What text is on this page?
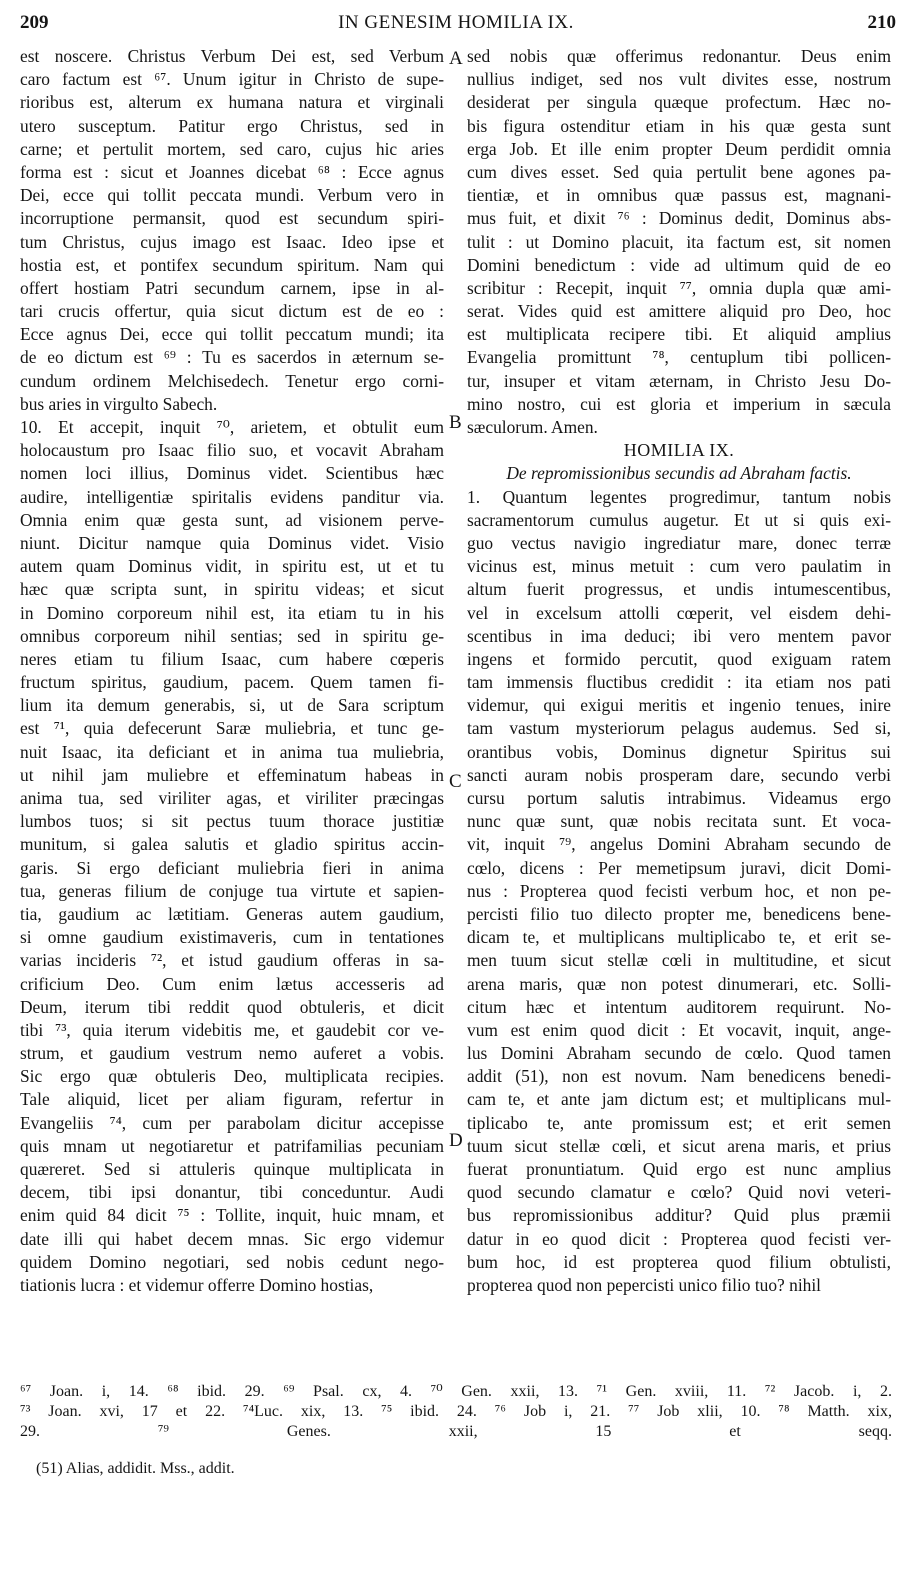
209	IN GENESIM HOMILIA IX.	210
A
B
C
D
est noscere. Christus Verbum Dei est, sed Verbum
caro factum est ⁶⁷. Unum igitur in Christo de supe-
rioribus est, alterum ex humana natura et virginali
utero susceptum. Patitur ergo Christus, sed in
carne; et pertulit mortem, sed caro, cujus hic aries
forma est : sicut et Joannes dicebat ⁶⁸ : Ecce agnus
Dei, ecce qui tollit peccata mundi. Verbum vero in
incorruptione permansit, quod est secundum spiri-
tum Christus, cujus imago est Isaac. Ideo ipse et
hostia est, et pontifex secundum spiritum. Nam qui
offert hostiam Patri secundum carnem, ipse in al-
tari crucis offertur, quia sicut dictum est de eo :
Ecce agnus Dei, ecce qui tollit peccatum mundi; ita
de eo dictum est ⁶⁹ : Tu es sacerdos in æternum se-
cundum ordinem Melchisedech. Tenetur ergo corni-
bus aries in virgulto Sabech.
10. Et accepit, inquit ⁷⁰, arietem, et obtulit eum
holocaustum pro Isaac filio suo, et vocavit Abraham
nomen loci illius, Dominus videt. Scientibus hæc
audire, intelligentiæ spiritalis evidens panditur via.
Omnia enim quæ gesta sunt, ad visionem perve-
niunt. Dicitur namque quia Dominus videt. Visio
autem quam Dominus vidit, in spiritu est, ut et tu
hæc quæ scripta sunt, in spiritu videas; et sicut
in Domino corporeum nihil est, ita etiam tu in his
omnibus corporeum nihil sentias; sed in spiritu ge-
neres etiam tu filium Isaac, cum habere cœperis
fructum spiritus, gaudium, pacem. Quem tamen fi-
lium ita demum generabis, si, ut de Sara scriptum
est ⁷¹, quia defecerunt Saræ muliebria, et tunc ge-
nuit Isaac, ita deficiant et in anima tua muliebria,
ut nihil jam muliebre et effeminatum habeas in
anima tua, sed viriliter agas, et viriliter præcingas
lumbos tuos; si sit pectus tuum thorace justitiæ
munitum, si galea salutis et gladio spiritus accin-
garis. Si ergo deficiant muliebria fieri in anima
tua, generas filium de conjuge tua virtute et sapien-
tia, gaudium ac lætitiam. Generas autem gaudium,
si omne gaudium existimaveris, cum in tentationes
varias incideris ⁷², et istud gaudium offeras in sa-
crificium Deo. Cum enim lætus accesseris ad
Deum, iterum tibi reddit quod obtuleris, et dicit
tibi ⁷³, quia iterum videbitis me, et gaudebit cor ve-
strum, et gaudium vestrum nemo auferet a vobis.
Sic ergo quæ obtuleris Deo, multiplicata recipies.
Tale aliquid, licet per aliam figuram, refertur in
Evangeliis ⁷⁴, cum per parabolam dicitur accepisse
quis mnam ut negotiaretur et patrifamilias pecuniam
quæreret. Sed si attuleris quinque multiplicata in
decem, tibi ipsi donantur, tibi conceduntur. Audi
enim quid 84 dicit ⁷⁵ : Tollite, inquit, huic mnam, et
date illi qui habet decem mnas. Sic ergo videmur
quidem Domino negotiari, sed nobis cedunt nego-
tiationis lucra : et videmur offerre Domino hostias,
sed nobis quæ offerimus redonantur. Deus enim
nullius indiget, sed nos vult divites esse, nostrum
desiderat per singula quæque profectum. Hæc no-
bis figura ostenditur etiam in his quæ gesta sunt
erga Job. Et ille enim propter Deum perdidit omnia
cum dives esset. Sed quia pertulit bene agones pa-
tientiæ, et in omnibus quæ passus est, magnani-
mus fuit, et dixit ⁷⁶ : Dominus dedit, Dominus abs-
tulit : ut Domino placuit, ita factum est, sit nomen
Domini benedictum : vide ad ultimum quid de eo
scribitur : Recepit, inquit ⁷⁷, omnia dupla quæ ami-
serat. Vides quid est amittere aliquid pro Deo, hoc
est multiplicata recipere tibi. Et aliquid amplius
Evangelia promittunt ⁷⁸, centuplum tibi pollicen-
tur, insuper et vitam æternam, in Christo Jesu Do-
mino nostro, cui est gloria et imperium in sæcula
sæculorum. Amen.
HOMILIA IX.
De repromissionibus secundis ad Abraham factis.
1. Quantum legentes progredimur, tantum nobis
sacramentorum cumulus augetur. Et ut si quis exi-
guo vectus navigio ingrediatur mare, donec terræ
vicinus est, minus metuit : cum vero paulatim in
altum fuerit progressus, et undis intumescentibus,
vel in excelsum attolli cœperit, vel eisdem dehi-
scentibus in ima deduci; ibi vero mentem pavor
ingens et formido percutit, quod exiguam ratem
tam immensis fluctibus credidit : ita etiam nos pati
videmur, qui exigui meritis et ingenio tenues, inire
tam vastum mysteriorum pelagus audemus. Sed si,
orantibus vobis, Dominus dignetur Spiritus sui
sancti auram nobis prosperam dare, secundo verbi
cursu portum salutis intrabimus. Videamus ergo
nunc quæ sunt, quæ nobis recitata sunt. Et voca-
vit, inquit ⁷⁹, angelus Domini Abraham secundo de
cœlo, dicens : Per memetipsum juravi, dicit Domi-
nus : Propterea quod fecisti verbum hoc, et non pe-
percisti filio tuo dilecto propter me, benedicens bene-
dicam te, et multiplicans multiplicabo te, et erit se-
men tuum sicut stellæ cœli in multitudine, et sicut
arena maris, quæ non potest dinumerari, etc. Solli-
citum hæc et intentum auditorem requirunt. No-
vum est enim quod dicit : Et vocavit, inquit, ange-
lus Domini Abraham secundo de cœlo. Quod tamen
addit (51), non est novum. Nam benedicens benedi-
cam te, et ante jam dictum est; et multiplicans mul-
tiplicabo te, ante promissum est; et erit semen
tuum sicut stellæ cœli, et sicut arena maris, et prius
fuerat pronuntiatum. Quid ergo est nunc amplius
quod secundo clamatur e cœlo? Quid novi veteri-
bus repromissionibus additur? Quid plus præmii
datur in eo quod dicit : Propterea quod fecisti ver-
bum hoc, id est propterea quod filium obtulisti,
propterea quod non pepercisti unico filio tuo? nihil
⁶⁷ Joan. i, 14. ⁶⁸ ibid. 29. ⁶⁹ Psal. cx, 4. ⁷⁰ Gen. xxii, 13. ⁷¹ Gen. xviii, 11. ⁷² Jacob. i, 2.
⁷³ Joan. xvi, 17 et 22. ⁷⁴Luc. xix, 13. ⁷⁵ ibid. 24. ⁷⁶ Job i, 21. ⁷⁷ Job xlii, 10. ⁷⁸ Matth. xix,
29. ⁷⁹ Genes. xxii, 15 et seqq.
(51) Alias, addidit. Mss., addit.
